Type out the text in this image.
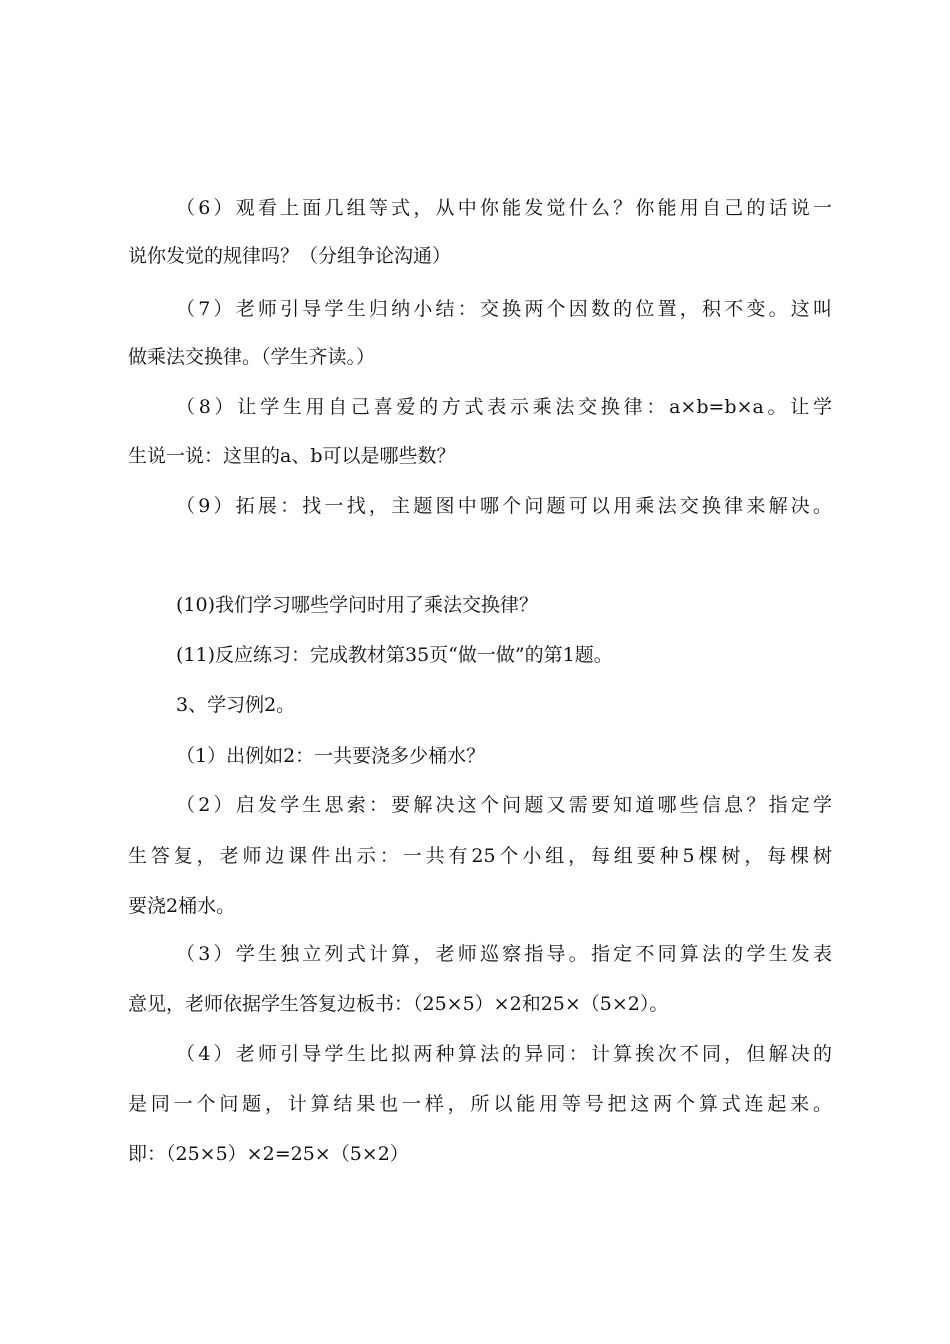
（6）观看上面几组等式，从中你能发觉什么？你能用自己的话说一
说你发觉的规律吗？（分组争论沟通）
（7）老师引导学生归纳小结：交换两个因数的位置，积不变。这叫
做乘法交换律。（学生齐读。）
（8）让学生用自己喜爱的方式表示乘法交换律：a×b=b×a。让学
生说一说：这里的a、b可以是哪些数？
（9）拓展：找一找，主题图中哪个问题可以用乘法交换律来解决。
(10)我们学习哪些学问时用了乘法交换律？
(11)反应练习：完成教材第35页“做一做”的第1题。
3、学习例2。
（1）出例如2：一共要浇多少桶水？
（2）启发学生思索：要解决这个问题又需要知道哪些信息？指定学
生答复，老师边课件出示：一共有25个小组，每组要种5棵树，每棵树
要浇2桶水。
（3）学生独立列式计算，老师巡察指导。指定不同算法的学生发表
意见，老师依据学生答复边板书：（25×5）×2和25×（5×2）。
（4）老师引导学生比拟两种算法的异同：计算挨次不同，但解决的
是同一个问题，计算结果也一样，所以能用等号把这两个算式连起来。
即：（25×5）×2=25×（5×2）
